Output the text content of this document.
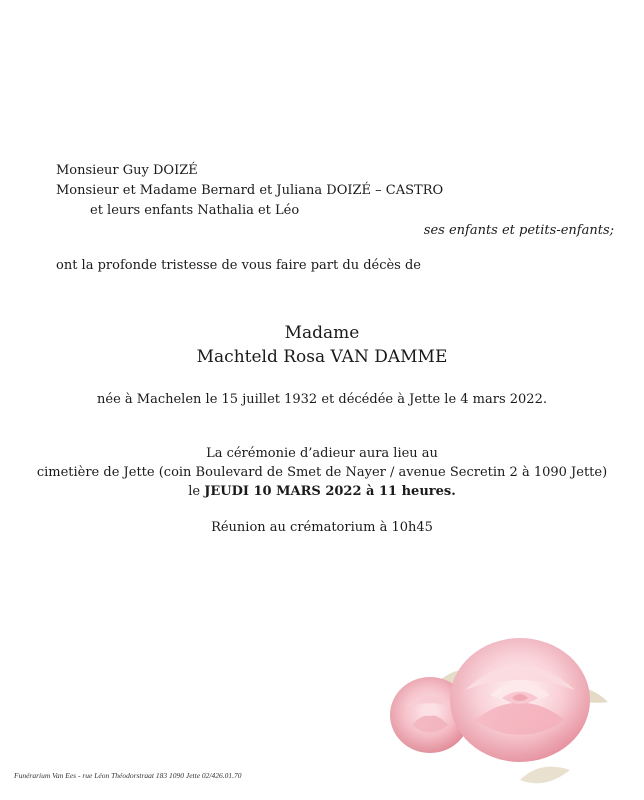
Monsieur Guy DOIZÉ
Monsieur et Madame Bernard et Juliana DOIZÉ – CASTRO
et leurs enfants Nathalia et Léo
ses enfants et petits-enfants;
ont la profonde tristesse de vous faire part du décès de
Madame
Machteld Rosa VAN DAMME
née à Machelen le 15 juillet 1932 et décédée à Jette le 4 mars 2022.
La cérémonie d’adieur aura lieu au
cimetière de Jette (coin Boulevard de Smet de Nayer / avenue Secretin 2 à 1090 Jette)
le JEUDI 10 MARS 2022 à 11 heures.
Réunion au crématorium à 10h45
Funérarium Van Ees - rue Léon Théodorstraat 183 1090 Jette 02/426.01.70
